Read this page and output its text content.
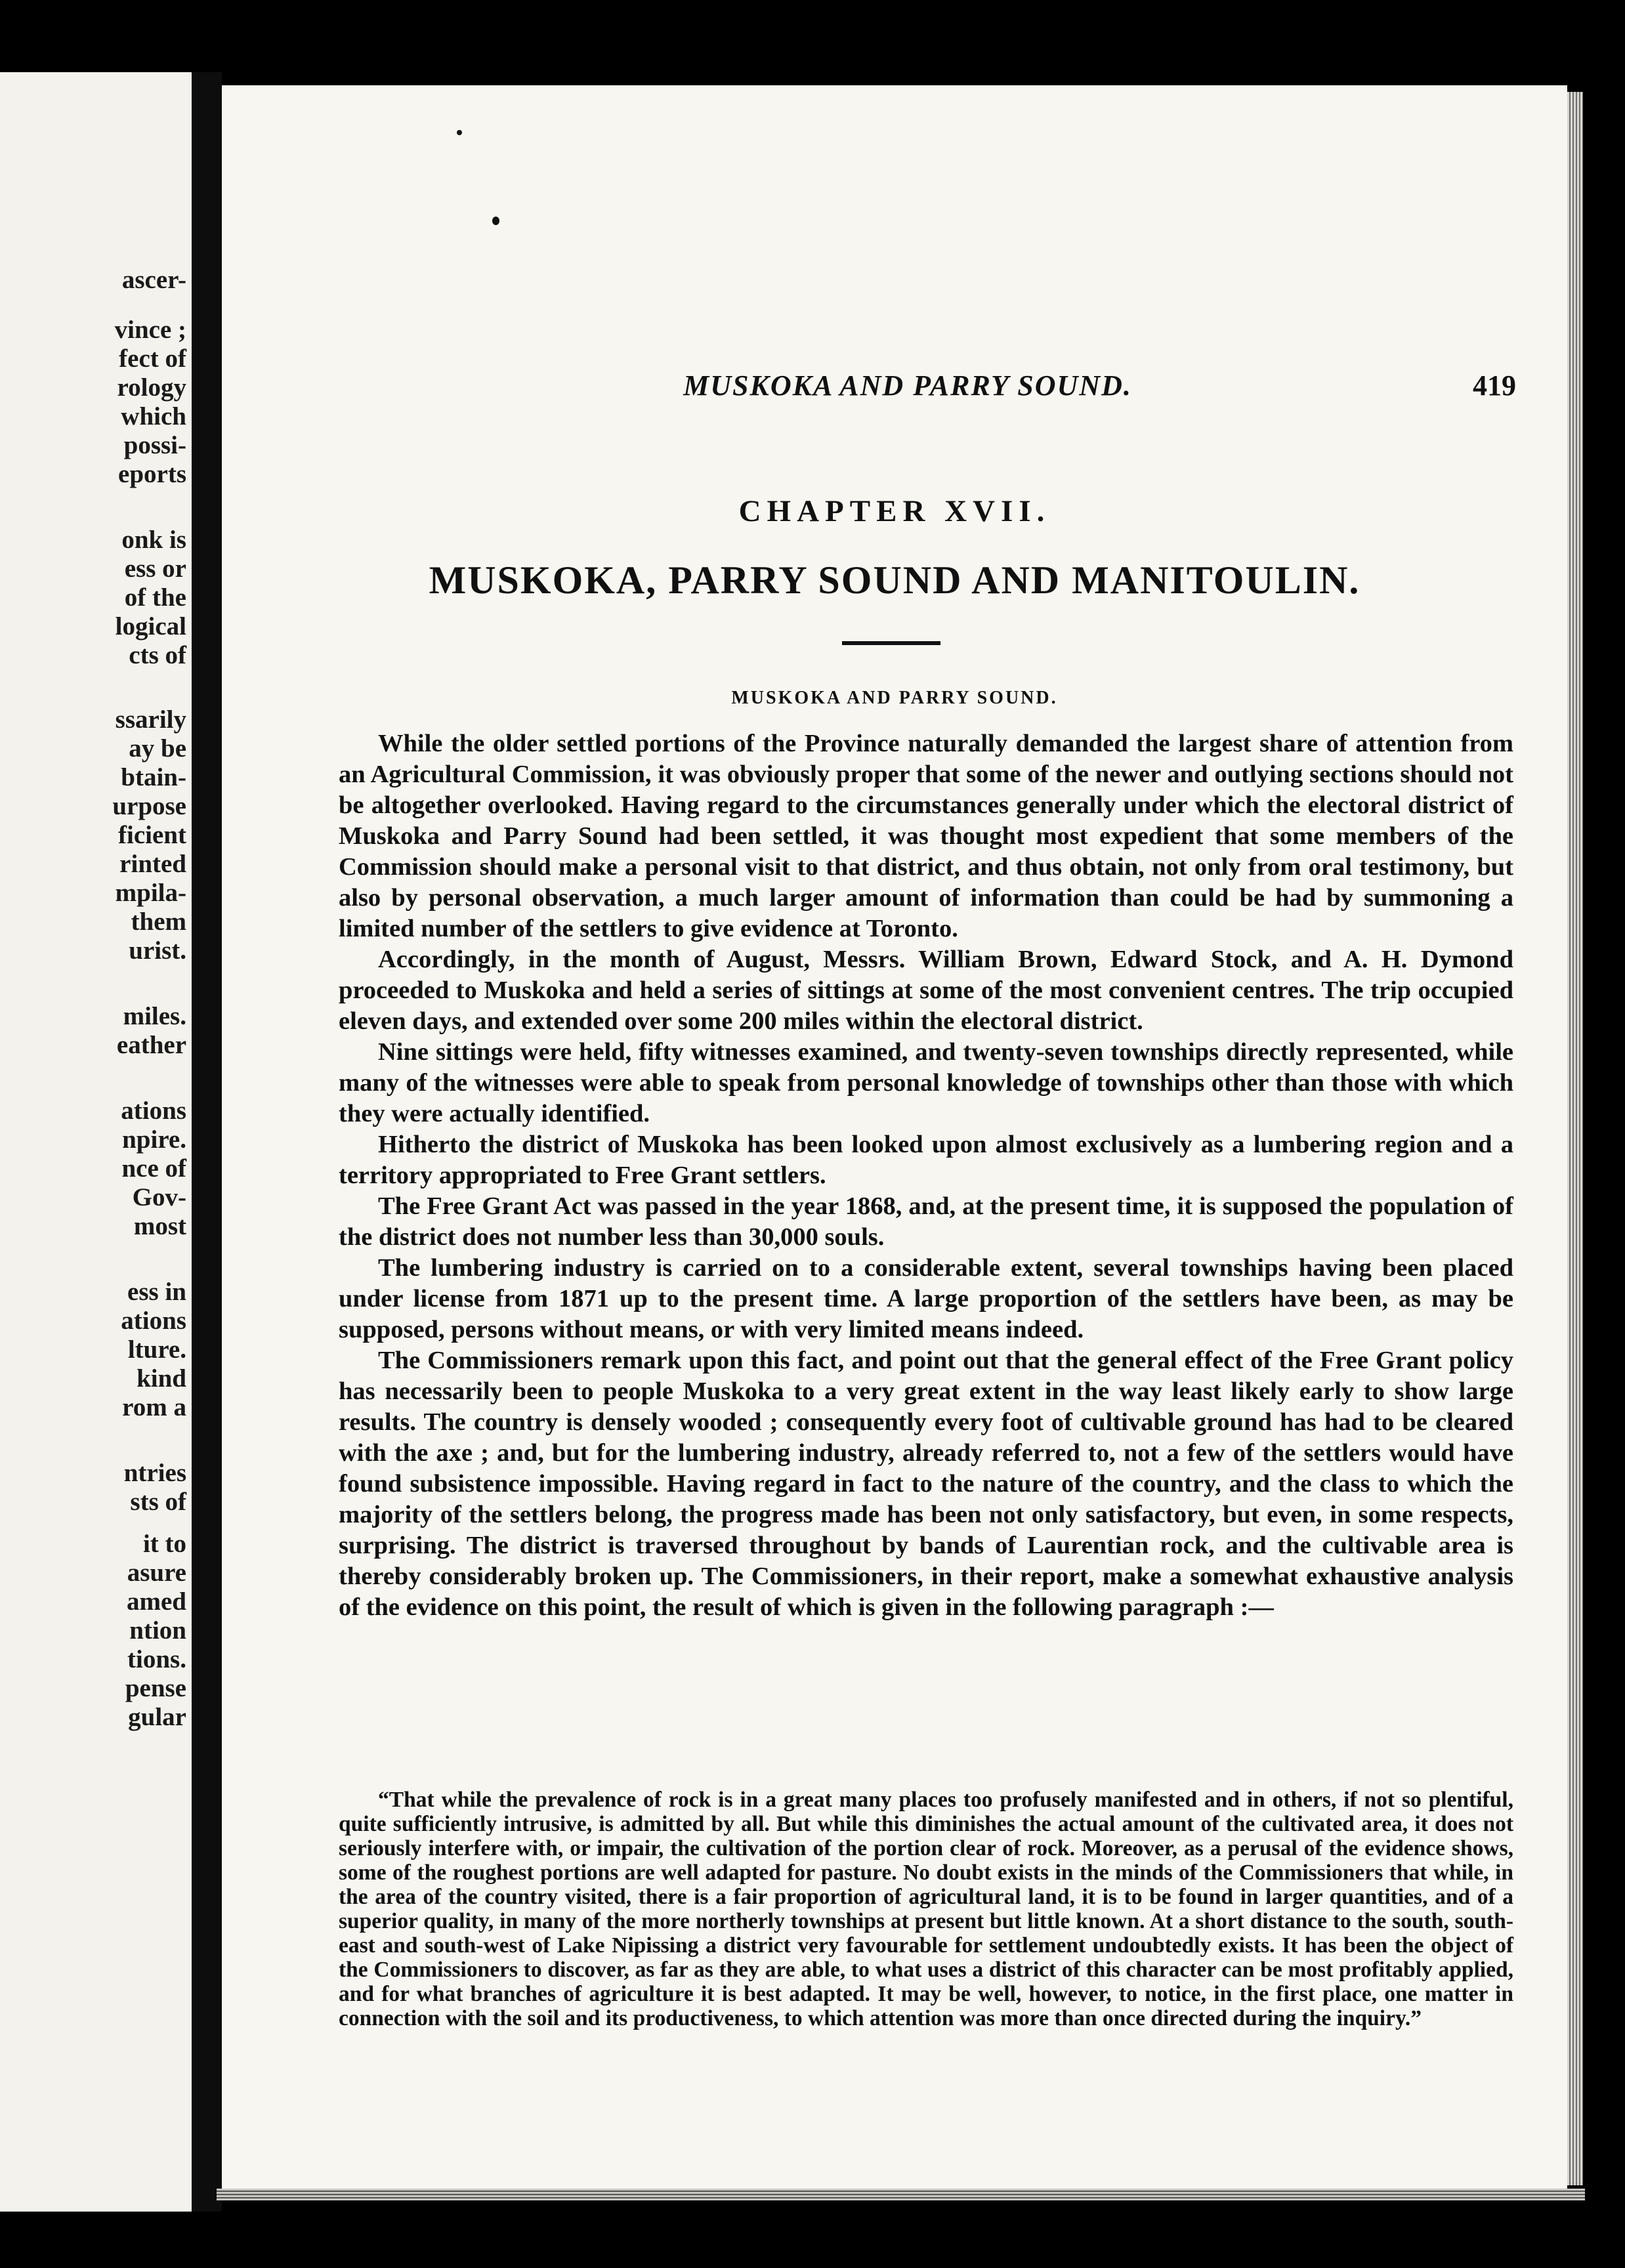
ascer-
vince ;
fect of
rology
which
possi-
eports
onk is
ess or
of the
logical
cts of
ssarily
ay be
btain-
urpose
ficient
rinted
mpila-
them
urist.
miles.
eather
ations
npire.
nce of
Gov-
most
ess in
ations
lture.
kind
rom a
ntries
sts of
it to
asure
amed
ntion
tions.
pense
gular
MUSKOKA AND PARRY SOUND.	419
CHAPTER XVII.
MUSKOKA, PARRY SOUND AND MANITOULIN.
MUSKOKA AND PARRY SOUND.

While the older settled portions of the Province naturally demanded the largest share of attention from an Agricultural Commission, it was obviously proper that some of the newer and outlying sections should not be altogether overlooked. Having regard to the circumstances generally under which the electoral district of Muskoka and Parry Sound had been settled, it was thought most expedient that some members of the Commission should make a personal visit to that district, and thus obtain, not only from oral testimony, but also by personal observation, a much larger amount of information than could be had by summoning a limited number of the settlers to give evidence at Toronto.

Accordingly, in the month of August, Messrs. William Brown, Edward Stock, and A. H. Dymond proceeded to Muskoka and held a series of sittings at some of the most convenient centres. The trip occupied eleven days, and extended over some 200 miles within the electoral district.

Nine sittings were held, fifty witnesses examined, and twenty-seven townships directly represented, while many of the witnesses were able to speak from personal knowledge of townships other than those with which they were actually identified.

Hitherto the district of Muskoka has been looked upon almost exclusively as a lumbering region and a territory appropriated to Free Grant settlers.

The Free Grant Act was passed in the year 1868, and, at the present time, it is supposed the population of the district does not number less than 30,000 souls.

The lumbering industry is carried on to a considerable extent, several townships having been placed under license from 1871 up to the present time. A large proportion of the settlers have been, as may be supposed, persons without means, or with very limited means indeed.

The Commissioners remark upon this fact, and point out that the general effect of the Free Grant policy has necessarily been to people Muskoka to a very great extent in the way least likely early to show large results. The country is densely wooded ; consequently every foot of cultivable ground has had to be cleared with the axe ; and, but for the lumbering industry, already referred to, not a few of the settlers would have found subsistence impossible. Having regard in fact to the nature of the country, and the class to which the majority of the settlers belong, the progress made has been not only satisfactory, but even, in some respects, surprising. The district is traversed throughout by bands of Laurentian rock, and the cultivable area is thereby considerably broken up. The Commissioners, in their report, make a somewhat exhaustive analysis of the evidence on this point, the result of which is given in the following paragraph :—

“That while the prevalence of rock is in a great many places too profusely manifested and in others, if not so plentiful, quite sufficiently intrusive, is admitted by all. But while this diminishes the actual amount of the cultivated area, it does not seriously interfere with, or impair, the cultivation of the portion clear of rock. Moreover, as a perusal of the evidence shows, some of the roughest portions are well adapted for pasture. No doubt exists in the minds of the Commissioners that while, in the area of the country visited, there is a fair proportion of agricultural land, it is to be found in larger quantities, and of a superior quality, in many of the more northerly townships at present but little known. At a short distance to the south, south-east and south-west of Lake Nipissing a district very favourable for settlement undoubtedly exists. It has been the object of the Commissioners to discover, as far as they are able, to what uses a district of this character can be most profitably applied, and for what branches of agriculture it is best adapted. It may be well, however, to notice, in the first place, one matter in connection with the soil and its productiveness, to which attention was more than once directed during the inquiry.”
